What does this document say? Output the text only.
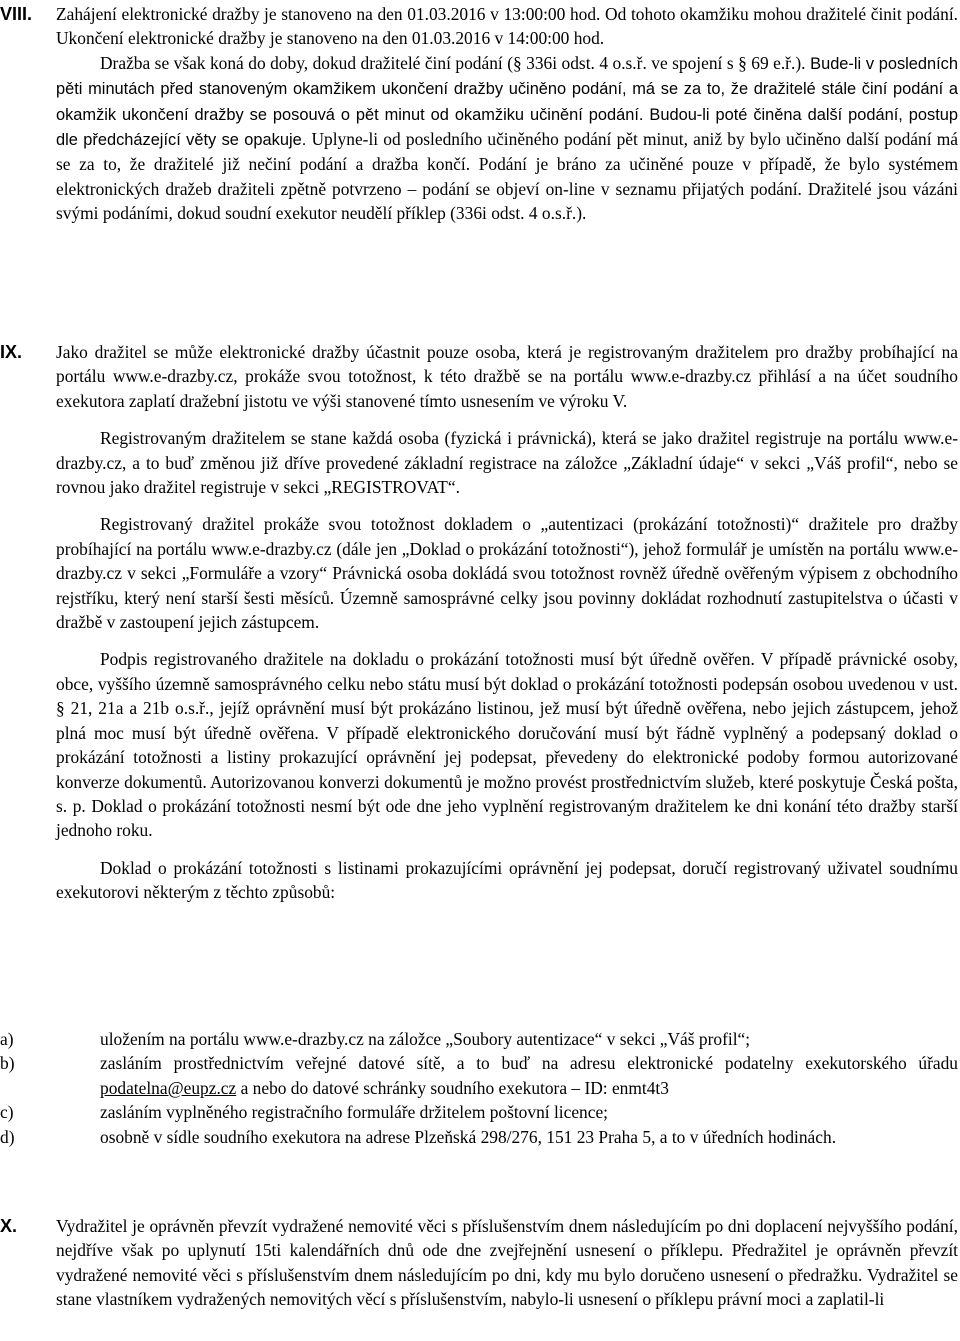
VIII. Zahájení elektronické dražby je stanoveno na den 01.03.2016 v 13:00:00 hod. Od tohoto okamžiku mohou dražitelé činit podání. Ukončení elektronické dražby je stanoveno na den 01.03.2016 v 14:00:00 hod.

Dražba se však koná do doby, dokud dražitelé činí podání (§ 336i odst. 4 o.s.ř. ve spojení s § 69 e.ř.). Bude-li v posledních pěti minutách před stanoveným okamžikem ukončení dražby učiněno podání, má se za to, že dražitelé stále činí podání a okamžik ukončení dražby se posouvá o pět minut od okamžiku učinění podání. Budou-li poté činěna další podání, postup dle předcházející věty se opakuje. Uplyne-li od posledního učiněného podání pět minut, aniž by bylo učiněno další podání má se za to, že dražitelé již nečiní podání a dražba končí. Podání je bráno za učiněné pouze v případě, že bylo systémem elektronických dražeb dražiteli zpětně potvrzeno – podání se objeví on-line v seznamu přijatých podání. Dražitelé jsou vázáni svými podáními, dokud soudní exekutor neudělí příklep (336i odst. 4 o.s.ř.).

IX. Jako dražitel se může elektronické dražby účastnit pouze osoba, která je registrovaným dražitelem pro dražby probíhající na portálu www.e-drazby.cz, prokáže svou totožnost, k této dražbě se na portálu www.e-drazby.cz přihlásí a na účet soudního exekutora zaplatí dražební jistotu ve výši stanovené tímto usnesením ve výroku V.

Registrovaným dražitelem se stane každá osoba (fyzická i právnická), která se jako dražitel registruje na portálu www.e-drazby.cz, a to buď změnou již dříve provedené základní registrace na záložce „Základní údaje“ v sekci „Váš profil“, nebo se rovnou jako dražitel registruje v sekci „REGISTROVAT“.

Registrovaný dražitel prokáže svou totožnost dokladem o „autentizaci (prokázání totožnosti)“ dražitele pro dražby probíhající na portálu www.e-drazby.cz (dále jen „Doklad o prokázání totožnosti“), jehož formulář je umístěn na portálu www.e-drazby.cz v sekci „Formuláře a vzory“ Právnická osoba dokládá svou totožnost rovněž úředně ověřeným výpisem z obchodního rejstříku, který není starší šesti měsíců. Územně samosprávné celky jsou povinny dokládat rozhodnutí zastupitelstva o účasti v dražbě v zastoupení jejich zástupcem.

Podpis registrovaného dražitele na dokladu o prokázání totožnosti musí být úředně ověřen. V případě právnické osoby, obce, vyššího územně samosprávného celku nebo státu musí být doklad o prokázání totožnosti podepsán osobou uvedenou v ust. § 21, 21a a 21b o.s.ř., jejíž oprávnění musí být prokázáno listinou, jež musí být úředně ověřena, nebo jejich zástupcem, jehož plná moc musí být úředně ověřena. V případě elektronického doručování musí být řádně vyplněný a podepsaný doklad o prokázání totožnosti a listiny prokazující oprávnění jej podepsat, převedeny do elektronické podoby formou autorizované konverze dokumentů. Autorizovanou konverzi dokumentů je možno provést prostřednictvím služeb, které poskytuje Česká pošta, s. p. Doklad o prokázání totožnosti nesmí být ode dne jeho vyplnění registrovaným dražitelem ke dni konání této dražby starší jednoho roku.

Doklad o prokázání totožnosti s listinami prokazujícími oprávnění jej podepsat, doručí registrovaný uživatel soudnímu exekutorovi některým z těchto způsobů:

a)	uložením na portálu www.e-drazby.cz na záložce „Soubory autentizace“ v sekci „Váš profil“;
b)	zasláním prostřednictvím veřejné datové sítě, a to buď na adresu elektronické podatelny exekutorského úřadu podatelna@eupz.cz a nebo do datové schránky soudního exekutora – ID: enmt4t3
c)	zasláním vyplněného registračního formuláře držitelem poštovní licence;
d)	osobně v sídle soudního exekutora na adrese Plzeňská 298/276, 151 23 Praha 5, a to v úředních hodinách.
X. Vydražitel je oprávněn převzít vydražené nemovité věci s příslušenstvím dnem následujícím po dni doplacení nejvyššího podání, nejdříve však po uplynutí 15ti kalendářních dnů ode dne zvejřejnění usnesení o příklepu. Předražitel je oprávněn převzít vydražené nemovité věci s příslušenstvím dnem následujícím po dni, kdy mu bylo doručeno usnesení o předražku. Vydražitel se stane vlastníkem vydražených nemovitých věcí s příslušenstvím, nabylo-li usnesení o příklepu právní moci a zaplatil-li
